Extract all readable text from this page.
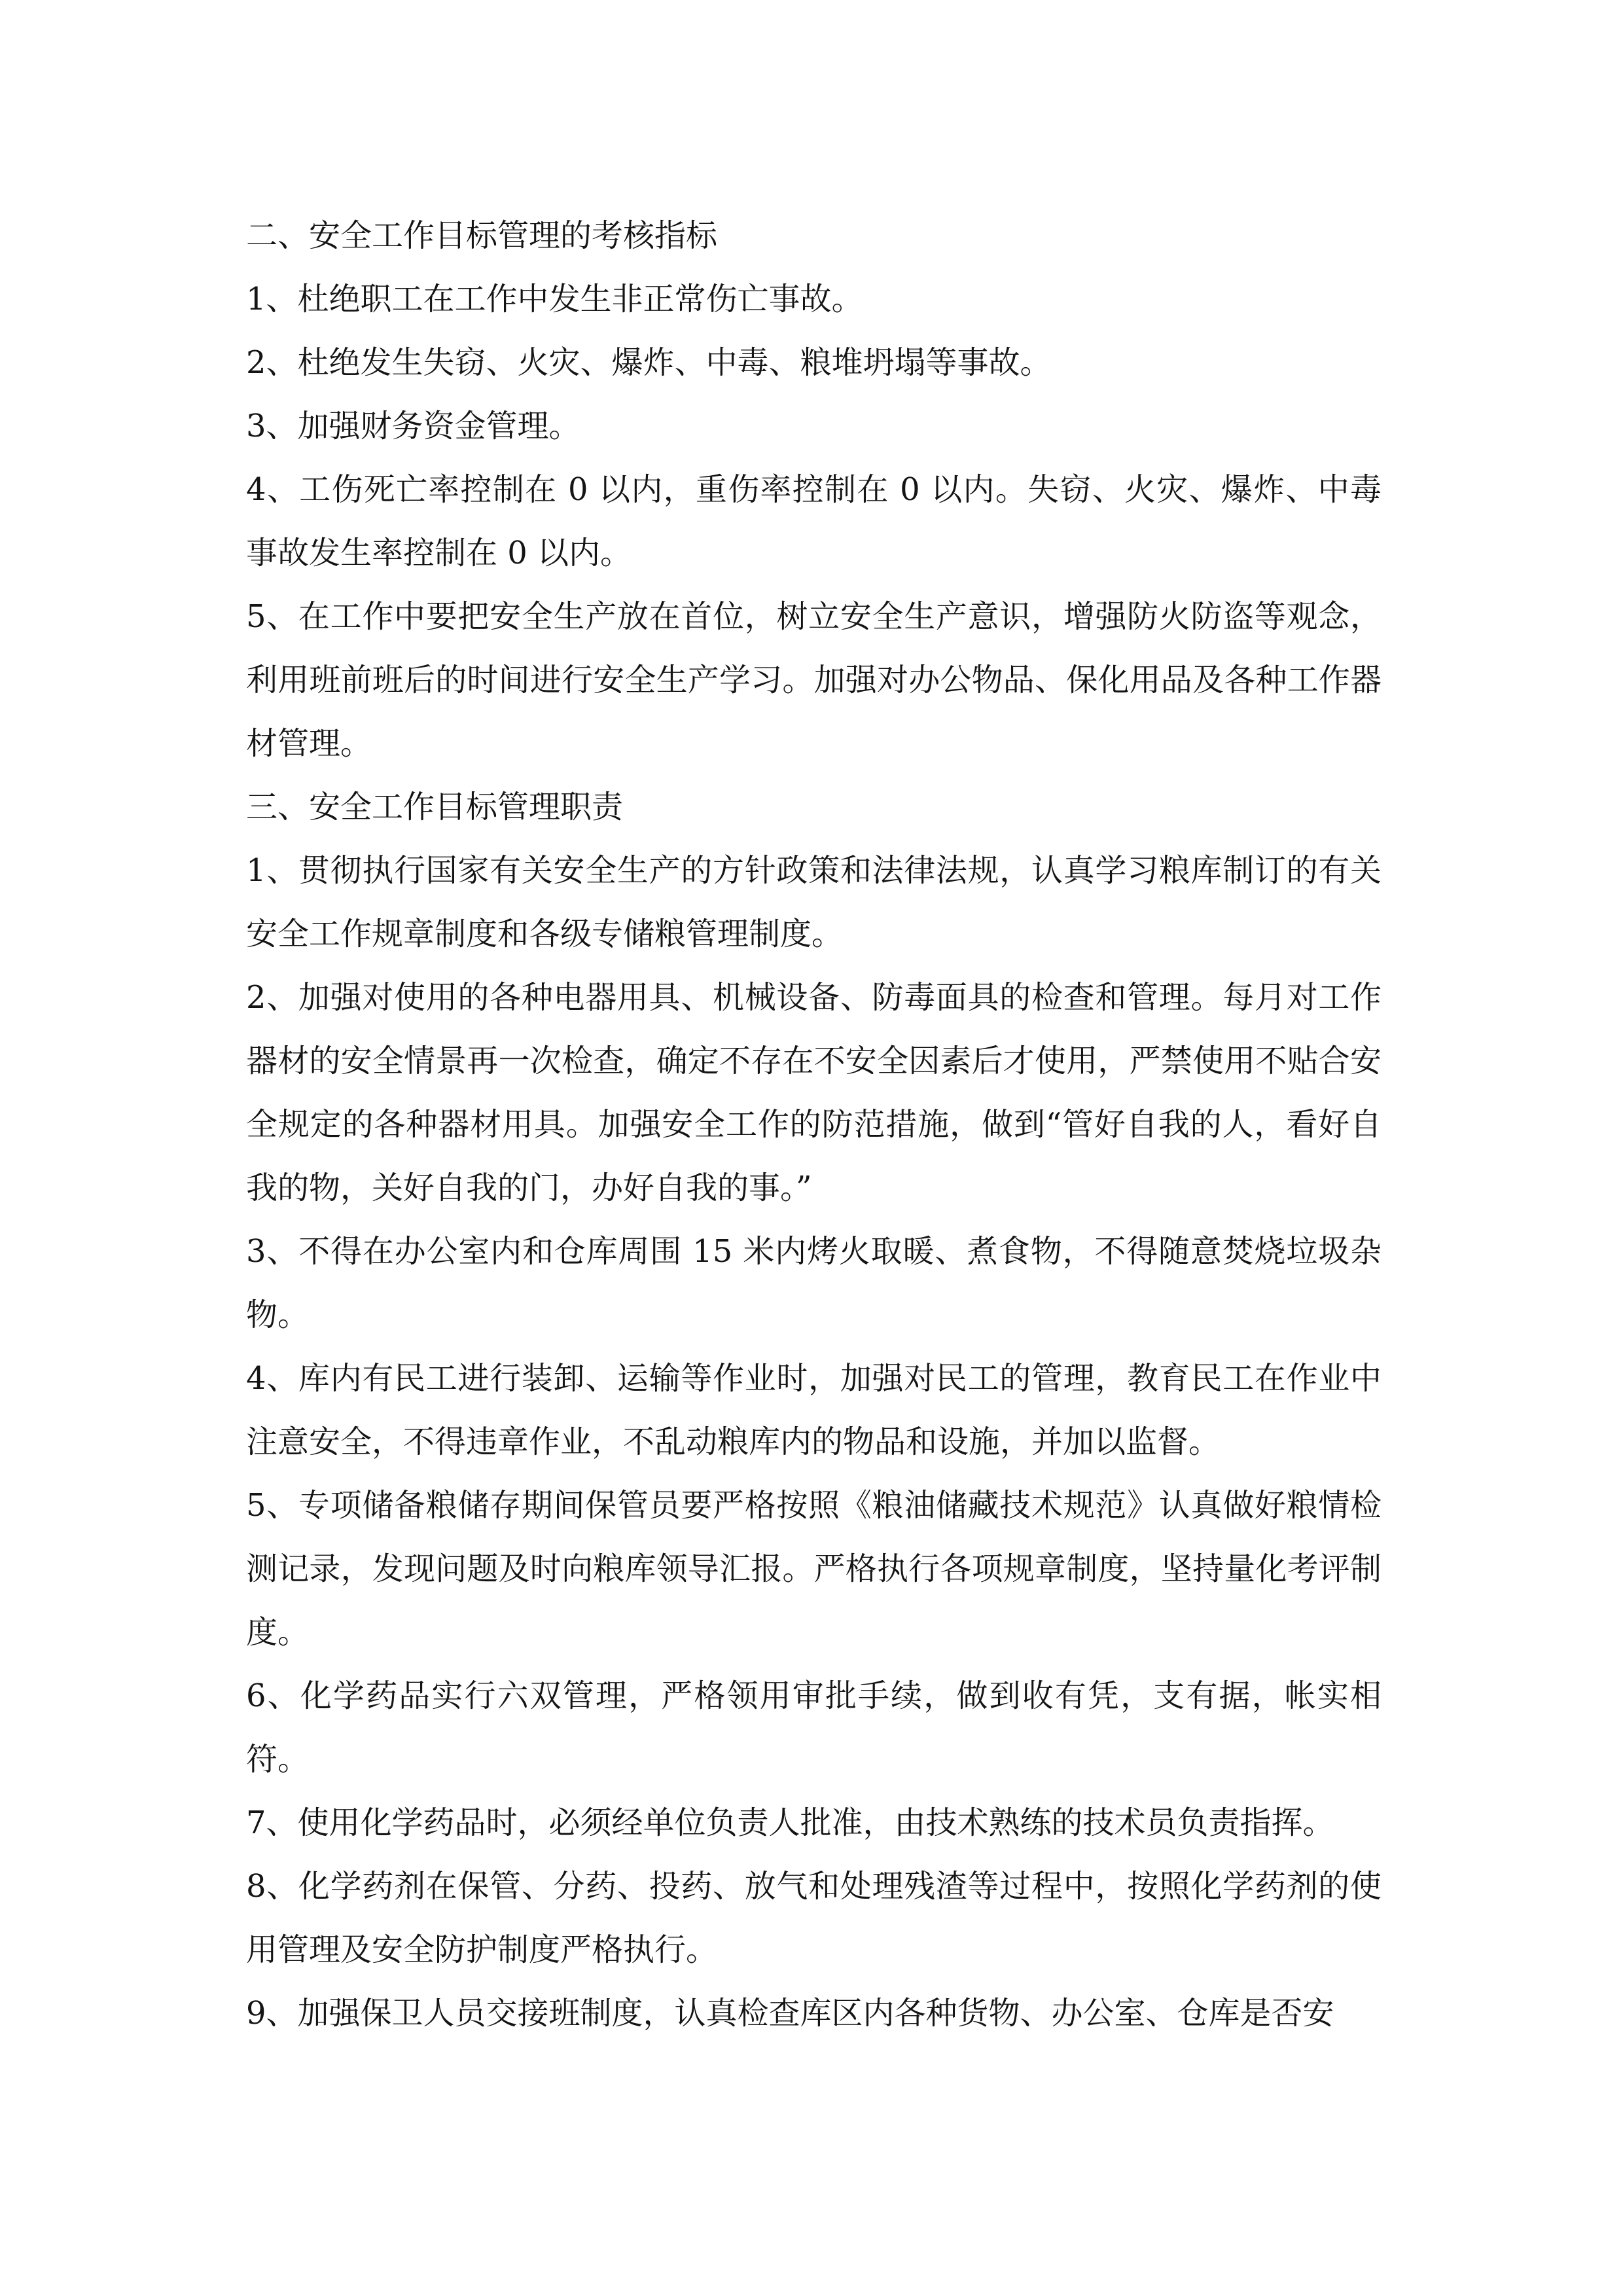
二、安全工作目标管理的考核指标

1、杜绝职工在工作中发生非正常伤亡事故。

2、杜绝发生失窃、火灾、爆炸、中毒、粮堆坍塌等事故。

3、加强财务资金管理。

4、工伤死亡率控制在 0 以内，重伤率控制在 0 以内。失窃、火灾、爆炸、中毒事故发生率控制在 0 以内。

5、在工作中要把安全生产放在首位，树立安全生产意识，增强防火防盗等观念，利用班前班后的时间进行安全生产学习。加强对办公物品、保化用品及各种工作器材管理。

三、安全工作目标管理职责

1、贯彻执行国家有关安全生产的方针政策和法律法规，认真学习粮库制订的有关安全工作规章制度和各级专储粮管理制度。

2、加强对使用的各种电器用具、机械设备、防毒面具的检查和管理。每月对工作器材的安全情景再一次检查，确定不存在不安全因素后才使用，严禁使用不贴合安全规定的各种器材用具。加强安全工作的防范措施，做到“管好自我的人，看好自我的物，关好自我的门，办好自我的事。”

3、不得在办公室内和仓库周围 15 米内烤火取暖、煮食物，不得随意焚烧垃圾杂物。

4、库内有民工进行装卸、运输等作业时，加强对民工的管理，教育民工在作业中注意安全，不得违章作业，不乱动粮库内的物品和设施，并加以监督。

5、专项储备粮储存期间保管员要严格按照《粮油储藏技术规范》认真做好粮情检测记录，发现问题及时向粮库领导汇报。严格执行各项规章制度，坚持量化考评制度。

6、化学药品实行六双管理，严格领用审批手续，做到收有凭，支有据，帐实相符。

7、使用化学药品时，必须经单位负责人批准，由技术熟练的技术员负责指挥。

8、化学药剂在保管、分药、投药、放气和处理残渣等过程中，按照化学药剂的使用管理及安全防护制度严格执行。

9、加强保卫人员交接班制度，认真检查库区内各种货物、办公室、仓库是否安
